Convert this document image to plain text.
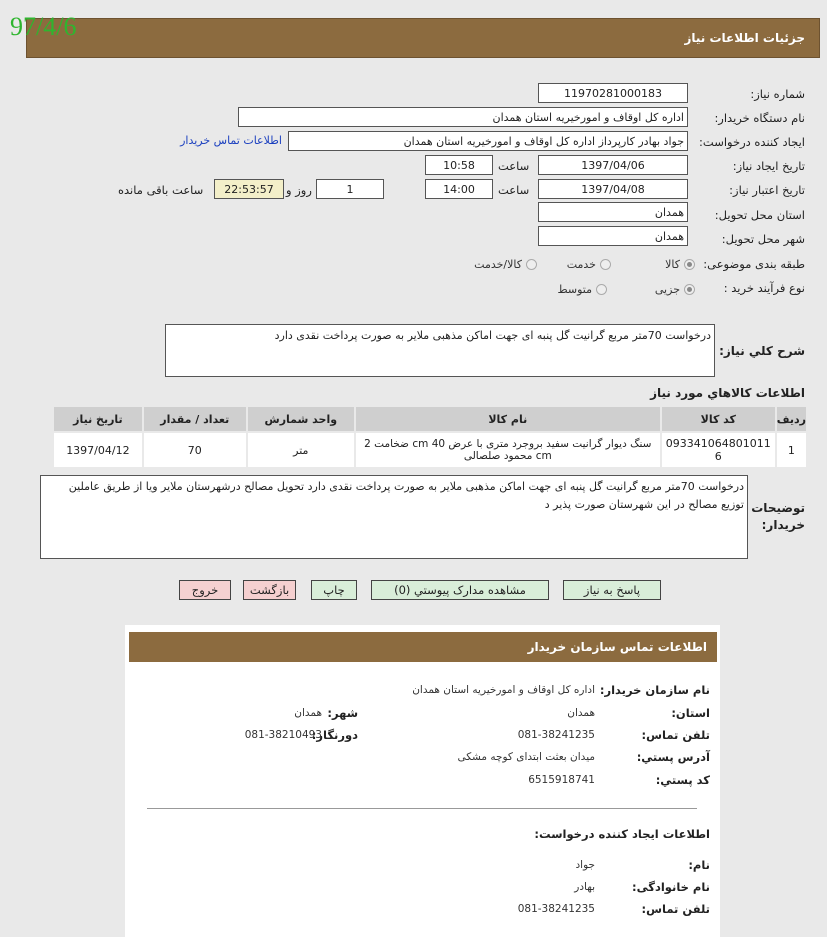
جزئیات اطلاعات نیاز
97/4/6
شماره نیاز:
11970281000183
نام دستگاه خریدار:
اداره کل اوقاف و امورخیریه استان همدان
ایجاد کننده درخواست:
جواد بهادر کارپرداز اداره کل اوقاف و امورخیریه استان همدان
اطلاعات تماس خریدار
تاریخ ایجاد نیاز:
1397/04/06
ساعت
10:58
تاریخ اعتبار نیاز:
1397/04/08
ساعت
14:00
1
روز و
22:53:57
ساعت باقی مانده
استان محل تحویل:
همدان
شهر محل تحویل:
همدان
طبقه بندی موضوعی:
کالا
خدمت
کالا/خدمت
نوع فرآیند خرید :
جزیی
متوسط
شرح کلي نیاز:
درخواست 70متر مربع گرانیت گل پنبه ای جهت اماکن مذهبی ملایر به صورت پرداخت نقدی دارد
اطلاعات کالاهاي مورد نیاز
ردیف	کد کالا	نام کالا	واحد شمارش	تعداد / مقدار	تاریخ نیاز
1	093341064801011​6	سنگ دیوار گرانیت سفید بروجرد متری با عرض 40 cm ضخامت 2 cm محمود صلصالی	متر	70	1397/04/12
توضیحات خریدار:
درخواست 70متر مربع گرانیت گل پنبه ای جهت اماکن مذهبی ملایر به صورت پرداخت نقدی دارد تحویل مصالح درشهرستان ملایر ویا از طریق عاملین توزیع مصالح در این شهرستان صورت پذیر د
پاسخ به نیاز
مشاهده مدارک پیوستي (0)
چاپ
بازگشت
خروج
اطلاعات تماس سازمان خریدار
نام سازمان خریدار:
اداره کل اوقاف و امورخیریه استان همدان
استان:
همدان
شهر:
همدان
تلفن تماس:
081-38241235
دورنگار:
081-38210493
آدرس پستي:
میدان بعثت ابتدای کوچه مشکی
کد پستي:
6515918741
اطلاعات ایجاد کننده درخواست:
نام:
جواد
نام خانوادگی:
بهادر
تلفن تماس:
081-38241235
